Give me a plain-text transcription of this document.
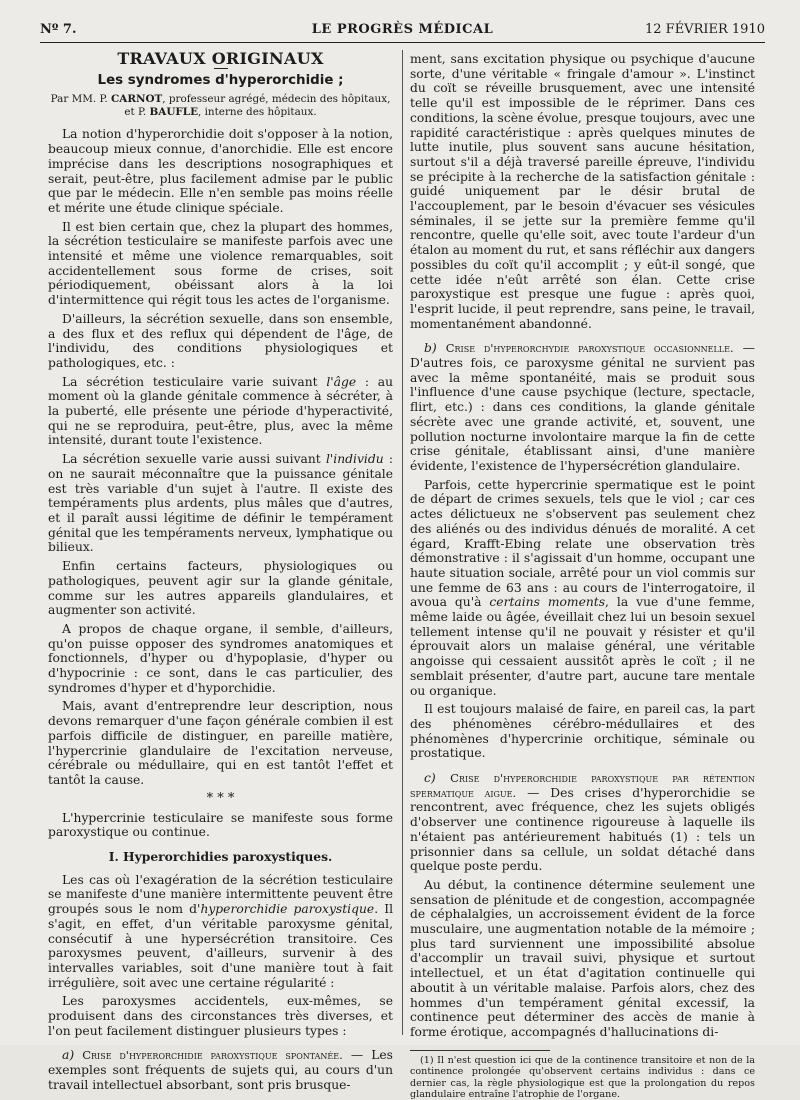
Nº 7.	LE PROGRÈS MÉDICAL	12 FÉVRIER 1910
TRAVAUX ORIGINAUX
Les syndromes d'hyperorchidie ;
Par MM. P. CARNOT, professeur agrégé, médecin des hôpitaux,
et P. BAUFLE, interne des hôpitaux.

La notion d'hyperorchidie doit s'opposer à la notion, beaucoup mieux connue, d'anorchidie. Elle est encore imprécise dans les descriptions nosographiques et serait, peut-être, plus facilement admise par le public que par le médecin. Elle n'en semble pas moins réelle et mérite une étude clinique spéciale.

Il est bien certain que, chez la plupart des hommes, la sécrétion testiculaire se manifeste parfois avec une intensité et même une violence remarquables, soit accidentellement sous forme de crises, soit périodiquement, obéissant alors à la loi d'intermittence qui régit tous les actes de l'organisme.

D'ailleurs, la sécrétion sexuelle, dans son ensemble, a des flux et des reflux qui dépendent de l'âge, de l'individu, des conditions physiologiques et pathologiques, etc. :

La sécrétion testiculaire varie suivant l'âge : au moment où la glande génitale commence à sécréter, à la puberté, elle présente une période d'hyperactivité, qui ne se reproduira, peut-être, plus, avec la même intensité, durant toute l'existence.

La sécrétion sexuelle varie aussi suivant l'individu : on ne saurait méconnaître que la puissance génitale est très variable d'un sujet à l'autre. Il existe des tempéraments plus ardents, plus mâles que d'autres, et il paraît aussi légitime de définir le tempérament génital que les tempéraments nerveux, lymphatique ou bilieux.

Enfin certains facteurs, physiologiques ou pathologiques, peuvent agir sur la glande génitale, comme sur les autres appareils glandulaires, et augmenter son activité.

A propos de chaque organe, il semble, d'ailleurs, qu'on puisse opposer des syndromes anatomiques et fonctionnels, d'hyper ou d'hypoplasie, d'hyper ou d'hypocrinie : ce sont, dans le cas particulier, des syndromes d'hyper et d'hyporchidie.

Mais, avant d'entreprendre leur description, nous devons remarquer d'une façon générale combien il est parfois difficile de distinguer, en pareille matière, l'hypercrinie glandulaire de l'excitation nerveuse, cérébrale ou médullaire, qui en est tantôt l'effet et tantôt la cause.

* * *

L'hypercrinie testiculaire se manifeste sous forme paroxystique ou continue.

I. Hyperorchidies paroxystiques.

Les cas où l'exagération de la sécrétion testiculaire se manifeste d'une manière intermittente peuvent être groupés sous le nom d'hyperorchidie paroxystique. Il s'agit, en effet, d'un véritable paroxysme génital, consécutif à une hypersécrétion transitoire. Ces paroxysmes peuvent, d'ailleurs, survenir à des intervalles variables, soit d'une manière tout à fait irrégulière, soit avec une certaine régularité :

Les paroxysmes accidentels, eux-mêmes, se produisent dans des circonstances très diverses, et l'on peut facilement distinguer plusieurs types :

a) Crise d'hyperorchidie paroxystique spontanée. — Les exemples sont fréquents de sujets qui, au cours d'un travail intellectuel absorbant, sont pris brusque-

ment, sans excitation physique ou psychique d'aucune sorte, d'une véritable « fringale d'amour ». L'instinct du coït se réveille brusquement, avec une intensité telle qu'il est impossible de le réprimer. Dans ces conditions, la scène évolue, presque toujours, avec une rapidité caractéristique : après quelques minutes de lutte inutile, plus souvent sans aucune hésitation, surtout s'il a déjà traversé pareille épreuve, l'individu se précipite à la recherche de la satisfaction génitale : guidé uniquement par le désir brutal de l'accouplement, par le besoin d'évacuer ses vésicules séminales, il se jette sur la première femme qu'il rencontre, quelle qu'elle soit, avec toute l'ardeur d'un étalon au moment du rut, et sans réfléchir aux dangers possibles du coït qu'il accomplit ; y eût-il songé, que cette idée n'eût arrêté son élan. Cette crise paroxystique est presque une fugue : après quoi, l'esprit lucide, il peut reprendre, sans peine, le travail, momentanément abandonné.

b) Crise d'hyperorchydie paroxystique occasionnelle. — D'autres fois, ce paroxysme génital ne survient pas avec la même spontanéité, mais se produit sous l'influence d'une cause psychique (lecture, spectacle, flirt, etc.) : dans ces conditions, la glande génitale sécrète avec une grande activité, et, souvent, une pollution nocturne involontaire marque la fin de cette crise génitale, établissant ainsi, d'une manière évidente, l'existence de l'hypersécrétion glandulaire.

Parfois, cette hypercrinie spermatique est le point de départ de crimes sexuels, tels que le viol ; car ces actes délictueux ne s'observent pas seulement chez des aliénés ou des individus dénués de moralité. A cet égard, Krafft-Ebing relate une observation très démonstrative : il s'agissait d'un homme, occupant une haute situation sociale, arrêté pour un viol commis sur une femme de 63 ans : au cours de l'interrogatoire, il avoua qu'à certains moments, la vue d'une femme, même laide ou âgée, éveillait chez lui un besoin sexuel tellement intense qu'il ne pouvait y résister et qu'il éprouvait alors un malaise général, une véritable angoisse qui cessaient aussitôt après le coït ; il ne semblait présenter, d'autre part, aucune tare mentale ou organique.

Il est toujours malaisé de faire, en pareil cas, la part des phénomènes cérébro-médullaires et des phénomènes d'hypercrinie orchitique, séminale ou prostatique.

c) Crise d'hyperorchidie paroxystique par rétention spermatique aigue. — Des crises d'hyperorchidie se rencontrent, avec fréquence, chez les sujets obligés d'observer une continence rigoureuse à laquelle ils n'étaient pas antérieurement habitués (1) : tels un prisonnier dans sa cellule, un soldat détaché dans quelque poste perdu.

Au début, la continence détermine seulement une sensation de plénitude et de congestion, accompagnée de céphalalgies, un accroissement évident de la force musculaire, une augmentation notable de la mémoire ; plus tard surviennent une impossibilité absolue d'accomplir un travail suivi, physique et surtout intellectuel, et un état d'agitation continuelle qui aboutit à un véritable malaise. Parfois alors, chez des hommes d'un tempérament génital excessif, la continence peut déterminer des accès de manie à forme érotique, accompagnés d'hallucinations di-

(1) Il n'est question ici que de la continence transitoire et non de la continence prolongée qu'observent certains individus : dans ce dernier cas, la règle physiologique est que la prolongation du repos glandulaire entraîne l'atrophie de l'organe.
